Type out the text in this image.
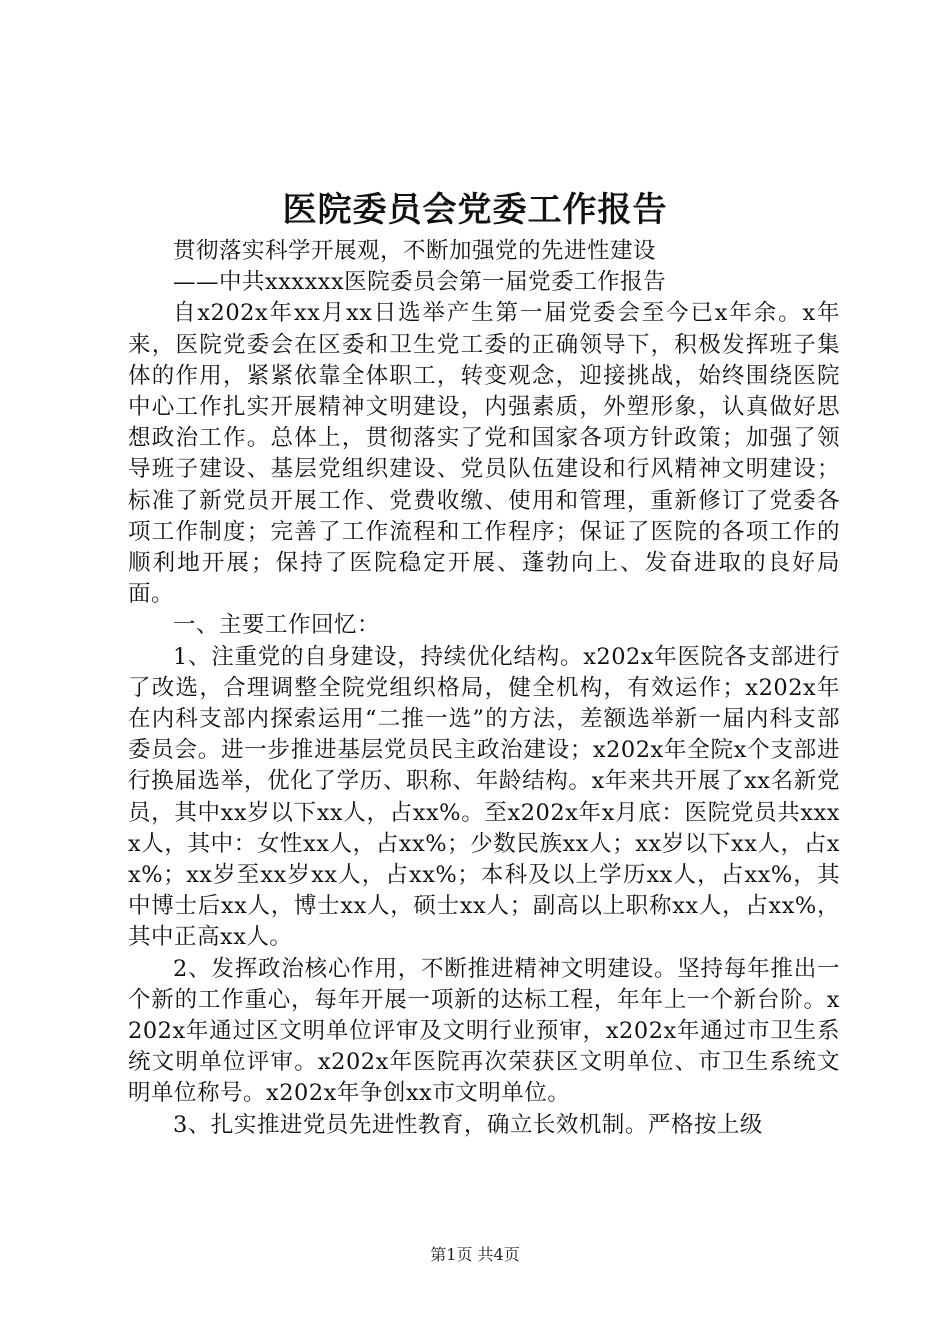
医院委员会党委工作报告

贯彻落实科学开展观，不断加强党的先进性建设

——中共xxxxxx医院委员会第一届党委工作报告

自x202x年xx月xx日选举产生第一届党委会至今已x年余。x年来，医院党委会在区委和卫生党工委的正确领导下，积极发挥班子集体的作用，紧紧依靠全体职工，转变观念，迎接挑战，始终围绕医院中心工作扎实开展精神文明建设，内强素质，外塑形象，认真做好思想政治工作。总体上，贯彻落实了党和国家各项方针政策；加强了领导班子建设、基层党组织建设、党员队伍建设和行风精神文明建设；标准了新党员开展工作、党费收缴、使用和管理，重新修订了党委各项工作制度；完善了工作流程和工作程序；保证了医院的各项工作的顺利地开展；保持了医院稳定开展、蓬勃向上、发奋进取的良好局面。

一、主要工作回忆：

1、注重党的自身建设，持续优化结构。x202x年医院各支部进行了改选，合理调整全院党组织格局，健全机构，有效运作；x202x年在内科支部内探索运用“二推一选”的方法，差额选举新一届内科支部委员会。进一步推进基层党员民主政治建设；x202x年全院x个支部进行换届选举，优化了学历、职称、年龄结构。x年来共开展了xx名新党员，其中xx岁以下xx人，占xx%。至x202x年x月底：医院党员共xxxx人，其中：女性xx人，占xx%；少数民族xx人；xx岁以下xx人，占xx%；xx岁至xx岁xx人，占xx%；本科及以上学历xx人，占xx%，其中博士后xx人，博士xx人，硕士xx人；副高以上职称xx人，占xx%，其中正高xx人。

2、发挥政治核心作用，不断推进精神文明建设。坚持每年推出一个新的工作重心，每年开展一项新的达标工程，年年上一个新台阶。x202x年通过区文明单位评审及文明行业预审，x202x年通过市卫生系统文明单位评审。x202x年医院再次荣获区文明单位、市卫生系统文明单位称号。x202x年争创xx市文明单位。

3、扎实推进党员先进性教育，确立长效机制。严格按上级

第1页 共4页
